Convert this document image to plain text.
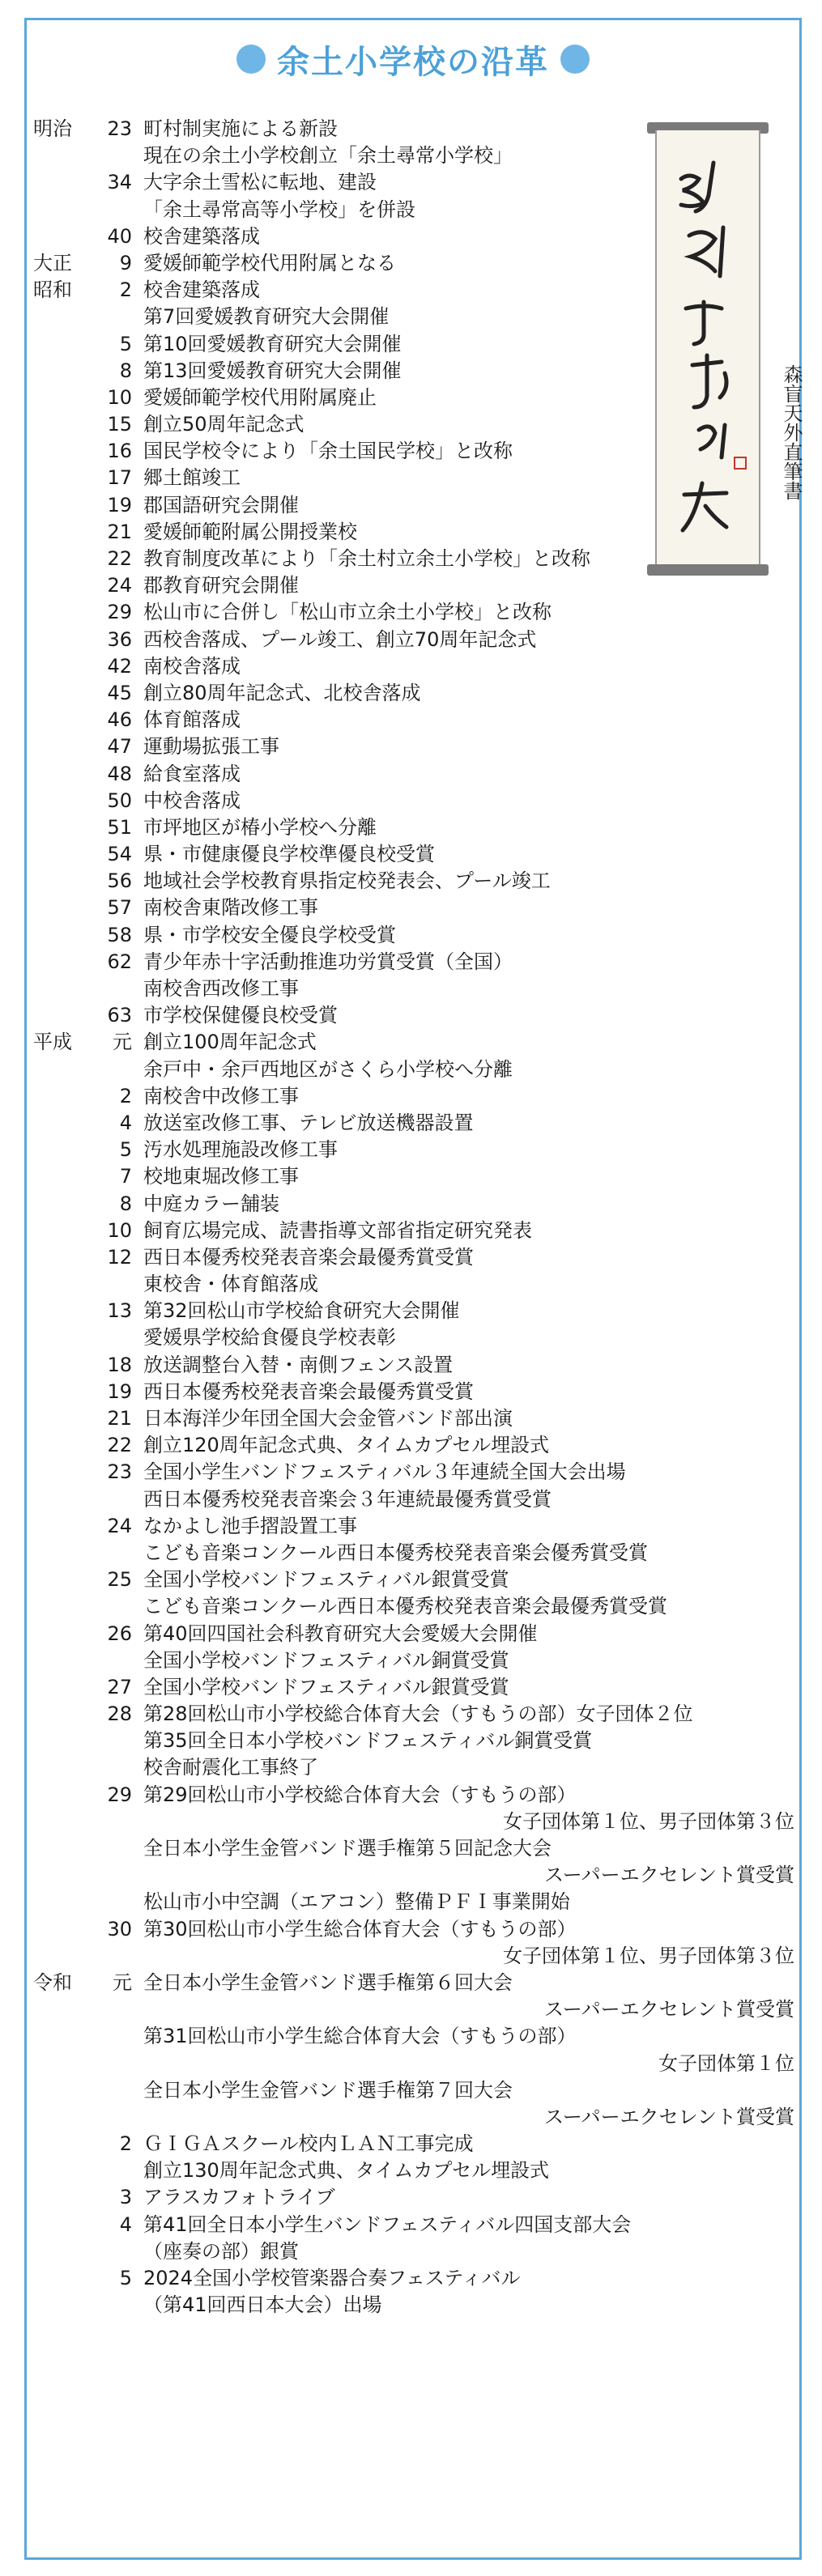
余土小学校の沿革
明治	23 町村制実施による新設
現在の余土小学校創立「余土尋常小学校」
34 大字余土雪松に転地、建設
「余土尋常高等小学校」を併設
40 校舎建築落成
大正	9 愛媛師範学校代用附属となる
昭和	2 校舎建築落成
第7回愛媛教育研究大会開催
5 第10回愛媛教育研究大会開催
8 第13回愛媛教育研究大会開催
10 愛媛師範学校代用附属廃止
15 創立50周年記念式
16 国民学校令により「余土国民学校」と改称
17 郷土館竣工
19 郡国語研究会開催
21 愛媛師範附属公開授業校
22 教育制度改革により「余土村立余土小学校」と改称
24 郡教育研究会開催
29 松山市に合併し「松山市立余土小学校」と改称
36 西校舎落成、プール竣工、創立70周年記念式
42 南校舎落成
45 創立80周年記念式、北校舎落成
46 体育館落成
47 運動場拡張工事
48 給食室落成
50 中校舎落成
51 市坪地区が椿小学校へ分離
54 県・市健康優良学校準優良校受賞
56 地域社会学校教育県指定校発表会、プール竣工
57 南校舎東階改修工事
58 県・市学校安全優良学校受賞
62 青少年赤十字活動推進功労賞受賞（全国）
南校舎西改修工事
63 市学校保健優良校受賞
平成	元 創立100周年記念式
余戸中・余戸西地区がさくら小学校へ分離
2 南校舎中改修工事
4 放送室改修工事、テレビ放送機器設置
5 汚水処理施設改修工事
7 校地東堀改修工事
8 中庭カラー舗装
10 飼育広場完成、読書指導文部省指定研究発表
12 西日本優秀校発表音楽会最優秀賞受賞
東校舎・体育館落成
13 第32回松山市学校給食研究大会開催
愛媛県学校給食優良学校表彰
18 放送調整台入替・南側フェンス設置
19 西日本優秀校発表音楽会最優秀賞受賞
21 日本海洋少年団全国大会金管バンド部出演
22 創立120周年記念式典、タイムカプセル埋設式
23 全国小学生バンドフェスティバル３年連続全国大会出場
西日本優秀校発表音楽会３年連続最優秀賞受賞
24 なかよし池手摺設置工事
こども音楽コンクール西日本優秀校発表音楽会優秀賞受賞
25 全国小学校バンドフェスティバル銀賞受賞
こども音楽コンクール西日本優秀校発表音楽会最優秀賞受賞
26 第40回四国社会科教育研究大会愛媛大会開催
全国小学校バンドフェスティバル銅賞受賞
27 全国小学校バンドフェスティバル銀賞受賞
28 第28回松山市小学校総合体育大会（すもうの部）女子団体２位
第35回全日本小学校バンドフェスティバル銅賞受賞
校舎耐震化工事終了
29 第29回松山市小学校総合体育大会（すもうの部）
女子団体第１位、男子団体第３位
全日本小学生金管バンド選手権第５回記念大会
スーパーエクセレント賞受賞
松山市小中空調（エアコン）整備ＰＦＩ事業開始
30 第30回松山市小学生総合体育大会（すもうの部）
女子団体第１位、男子団体第３位
令和	元 全日本小学生金管バンド選手権第６回大会
スーパーエクセレント賞受賞
第31回松山市小学生総合体育大会（すもうの部）
女子団体第１位
全日本小学生金管バンド選手権第７回大会
スーパーエクセレント賞受賞
2 ＧＩＧＡスクール校内ＬＡＮ工事完成
創立130周年記念式典、タイムカプセル埋設式
3 アラスカフォトライブ
4 第41回全日本小学生バンドフェスティバル四国支部大会
（座奏の部）銀賞
5 2024全国小学校管楽器合奏フェスティバル
（第41回西日本大会）出場
森盲天外直筆書
